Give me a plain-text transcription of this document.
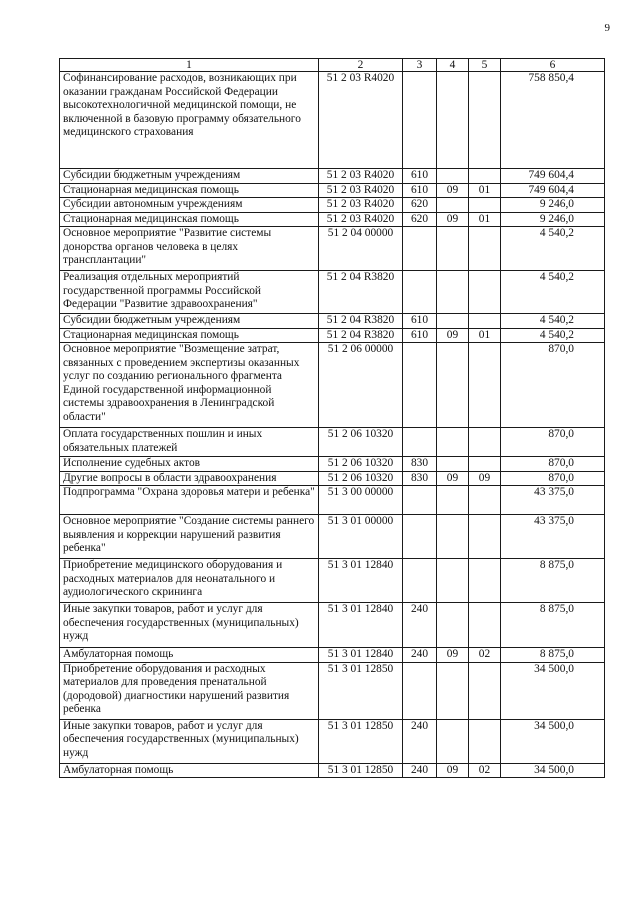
9
1	2	3	4	5	6
Софинансирование расходов, возникающих при оказании гражданам Российской Федерации высокотехнологичной медицинской помощи, не включенной в базовую программу обязательного медицинского страхования	51 2 03 R4020				758 850,4
Субсидии бюджетным учреждениям	51 2 03 R4020	610			749 604,4
Стационарная медицинская помощь	51 2 03 R4020	610	09	01	749 604,4
Субсидии автономным учреждениям	51 2 03 R4020	620			9 246,0
Стационарная медицинская помощь	51 2 03 R4020	620	09	01	9 246,0
Основное мероприятие "Развитие системы донорства органов человека в целях трансплантации"	51 2 04 00000				4 540,2
Реализация отдельных мероприятий государственной программы Российской Федерации "Развитие здравоохранения"	51 2 04 R3820				4 540,2
Субсидии бюджетным учреждениям	51 2 04 R3820	610			4 540,2
Стационарная медицинская помощь	51 2 04 R3820	610	09	01	4 540,2
Основное мероприятие "Возмещение затрат, связанных с проведением экспертизы оказанных услуг по созданию регионального фрагмента Единой государственной информационной системы здравоохранения в Ленинградской области"	51 2 06 00000				870,0
Оплата государственных пошлин и иных обязательных платежей	51 2 06 10320				870,0
Исполнение судебных актов	51 2 06 10320	830			870,0
Другие вопросы в области здравоохранения	51 2 06 10320	830	09	09	870,0
Подпрограмма "Охрана здоровья матери и ребенка"	51 3 00 00000				43 375,0
Основное мероприятие "Создание системы раннего выявления и коррекции нарушений развития ребенка"	51 3 01 00000				43 375,0
Приобретение медицинского оборудования и расходных материалов для неонатального и аудиологического скрининга	51 3 01 12840				8 875,0
Иные закупки товаров, работ и услуг для обеспечения государственных (муниципальных) нужд	51 3 01 12840	240			8 875,0
Амбулаторная помощь	51 3 01 12840	240	09	02	8 875,0
Приобретение оборудования и расходных материалов для проведения пренатальной (дородовой) диагностики нарушений развития ребенка	51 3 01 12850				34 500,0
Иные закупки товаров, работ и услуг для обеспечения государственных (муниципальных) нужд	51 3 01 12850	240			34 500,0
Амбулаторная помощь	51 3 01 12850	240	09	02	34 500,0
